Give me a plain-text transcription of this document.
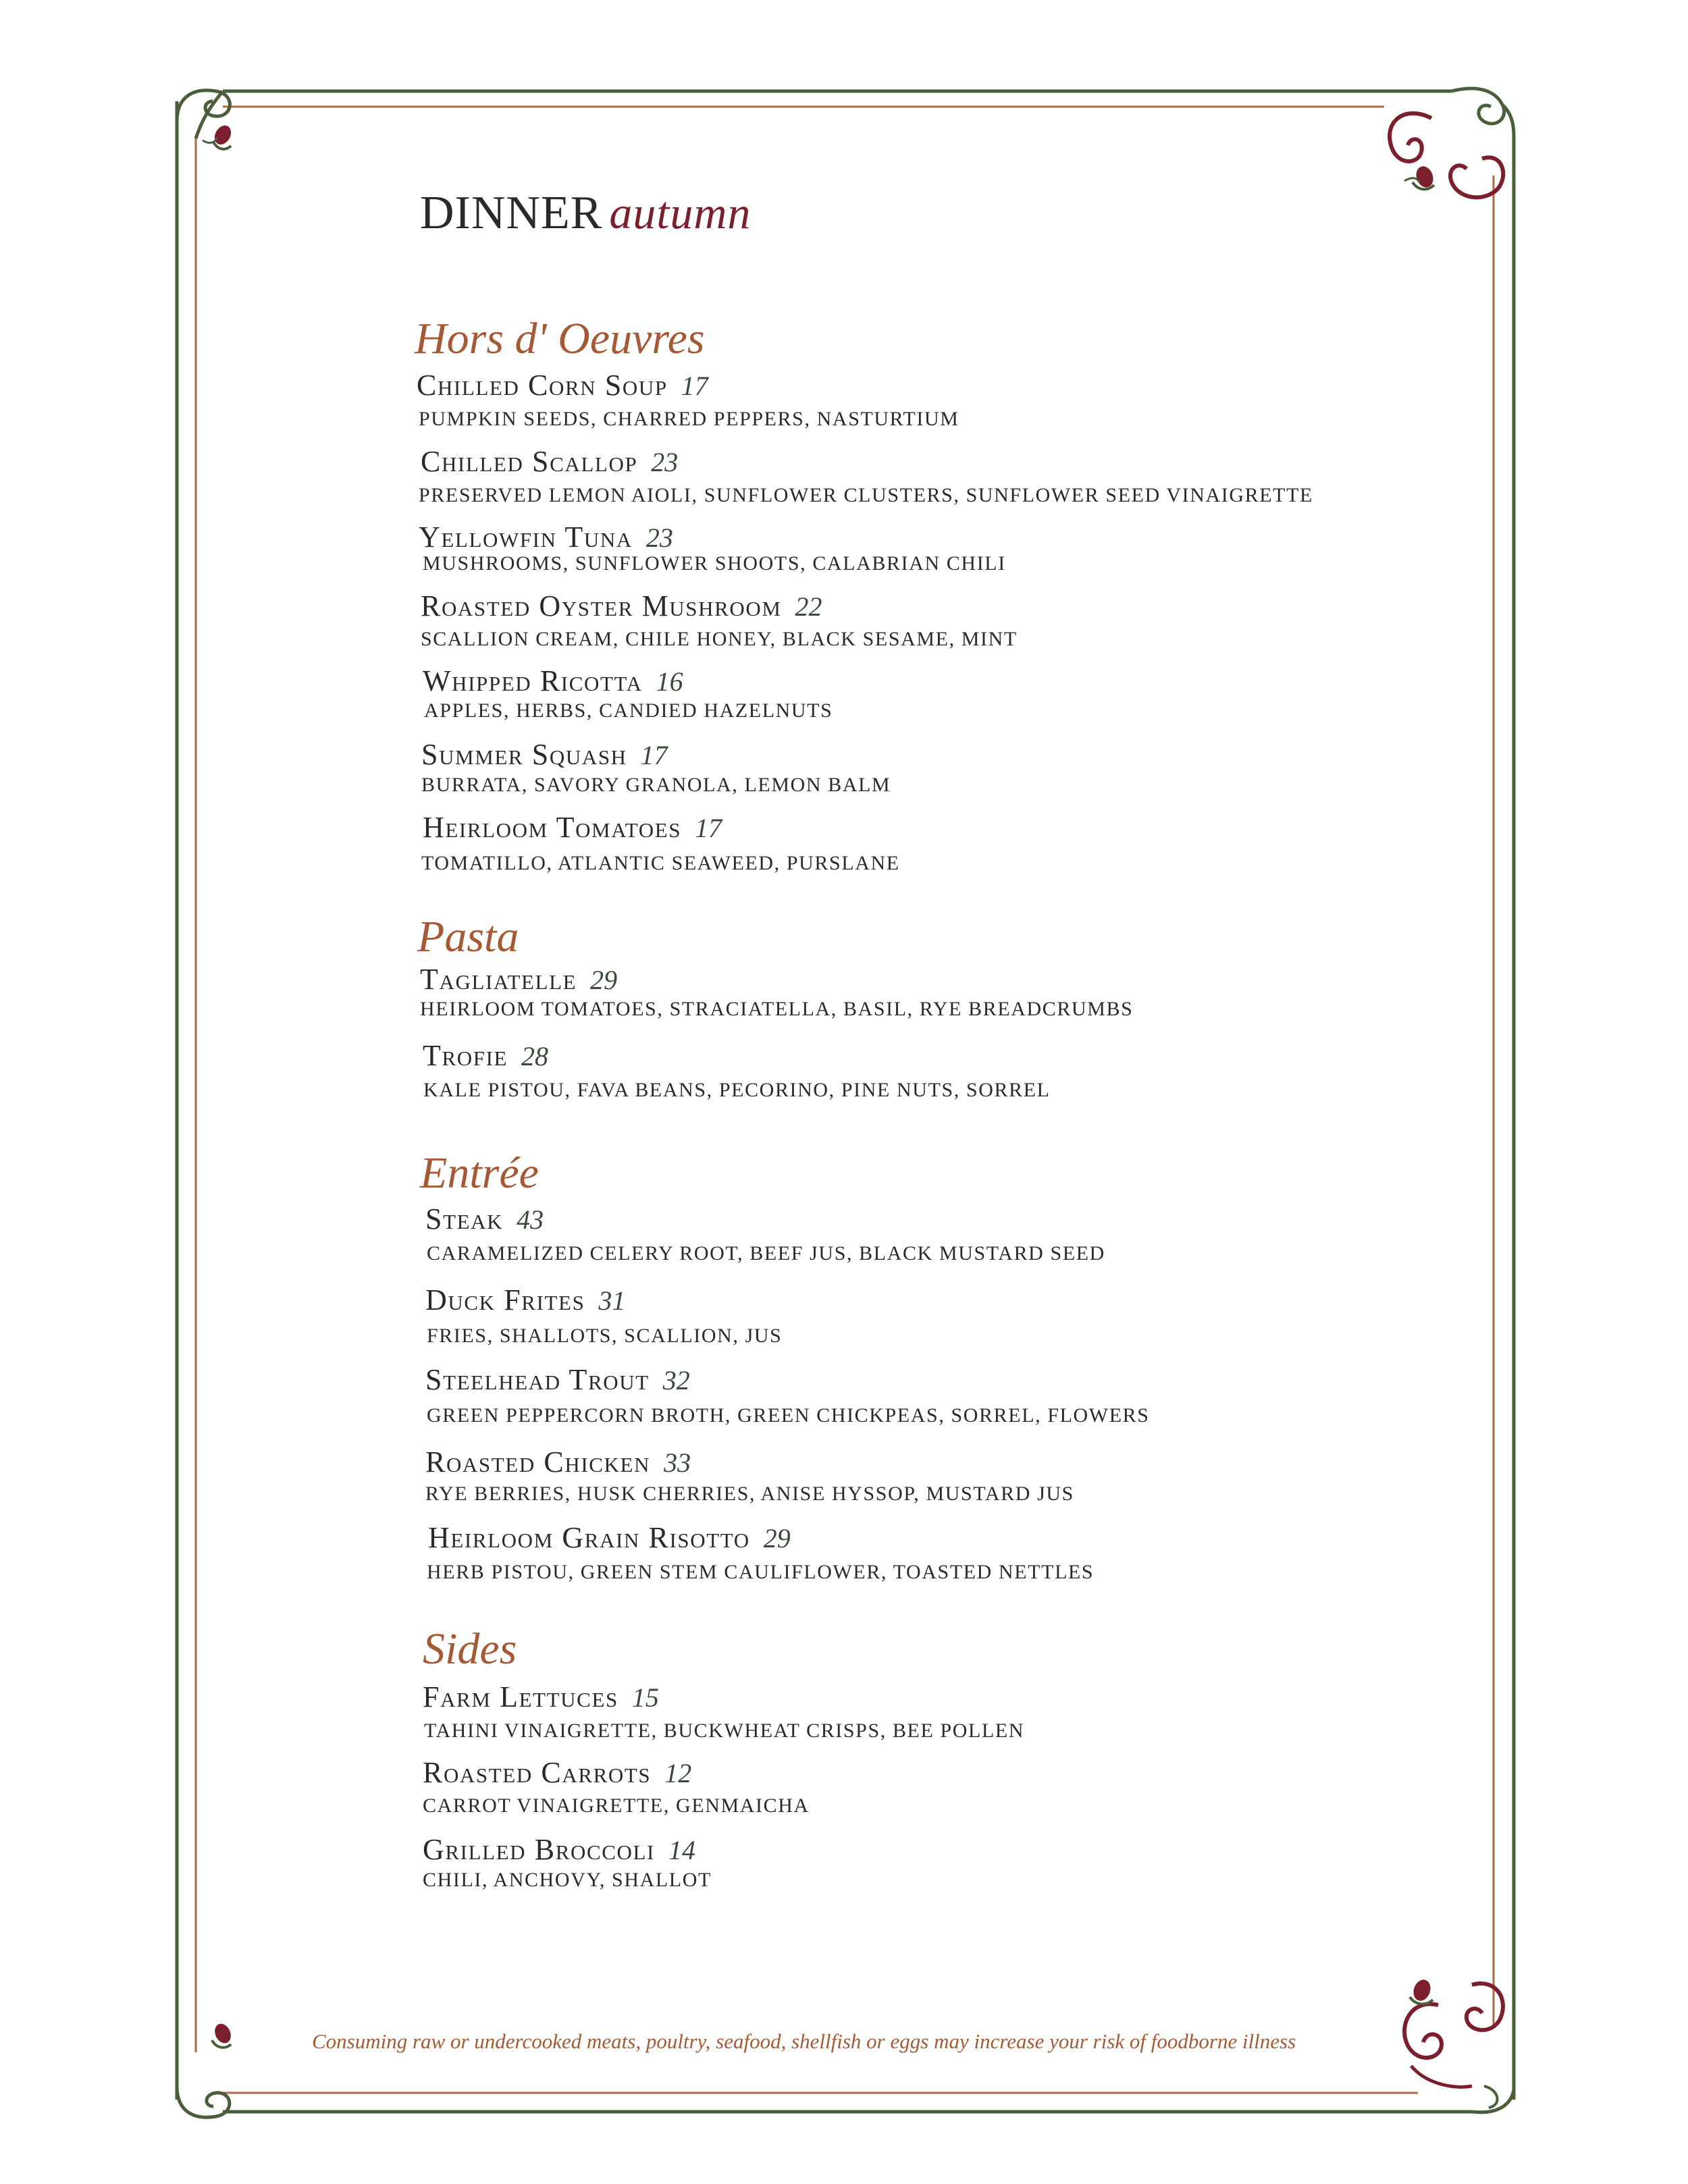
DINNER autumn
Hors d' Oeuvres
Chilled Corn Soup 17
PUMPKIN SEEDS, CHARRED PEPPERS, NASTURTIUM
Chilled Scallop 23
PRESERVED LEMON AIOLI, SUNFLOWER CLUSTERS, SUNFLOWER SEED VINAIGRETTE
Yellowfin Tuna 23
MUSHROOMS, SUNFLOWER SHOOTS, CALABRIAN CHILI
Roasted Oyster Mushroom 22
SCALLION CREAM, CHILE HONEY, BLACK SESAME, MINT
Whipped Ricotta 16
APPLES, HERBS, CANDIED HAZELNUTS
Summer Squash 17
BURRATA, SAVORY GRANOLA, LEMON BALM
Heirloom Tomatoes 17
TOMATILLO, ATLANTIC SEAWEED, PURSLANE
Pasta
Tagliatelle 29
HEIRLOOM TOMATOES, STRACIATELLA, BASIL, RYE BREADCRUMBS
Trofie 28
KALE PISTOU, FAVA BEANS, PECORINO, PINE NUTS, SORREL
Entrée
Steak 43
CARAMELIZED CELERY ROOT, BEEF JUS, BLACK MUSTARD SEED
Duck Frites 31
FRIES, SHALLOTS, SCALLION, JUS
Steelhead Trout 32
GREEN PEPPERCORN BROTH, GREEN CHICKPEAS, SORREL, FLOWERS
Roasted Chicken 33
RYE BERRIES, HUSK CHERRIES, ANISE HYSSOP, MUSTARD JUS
Heirloom Grain Risotto 29
HERB PISTOU, GREEN STEM CAULIFLOWER, TOASTED NETTLES
Sides
Farm Lettuces 15
TAHINI VINAIGRETTE, BUCKWHEAT CRISPS, BEE POLLEN
Roasted Carrots 12
CARROT VINAIGRETTE, GENMAICHA
Grilled Broccoli 14
CHILI, ANCHOVY, SHALLOT
Consuming raw or undercooked meats, poultry, seafood, shellfish or eggs may increase your risk of foodborne illness
